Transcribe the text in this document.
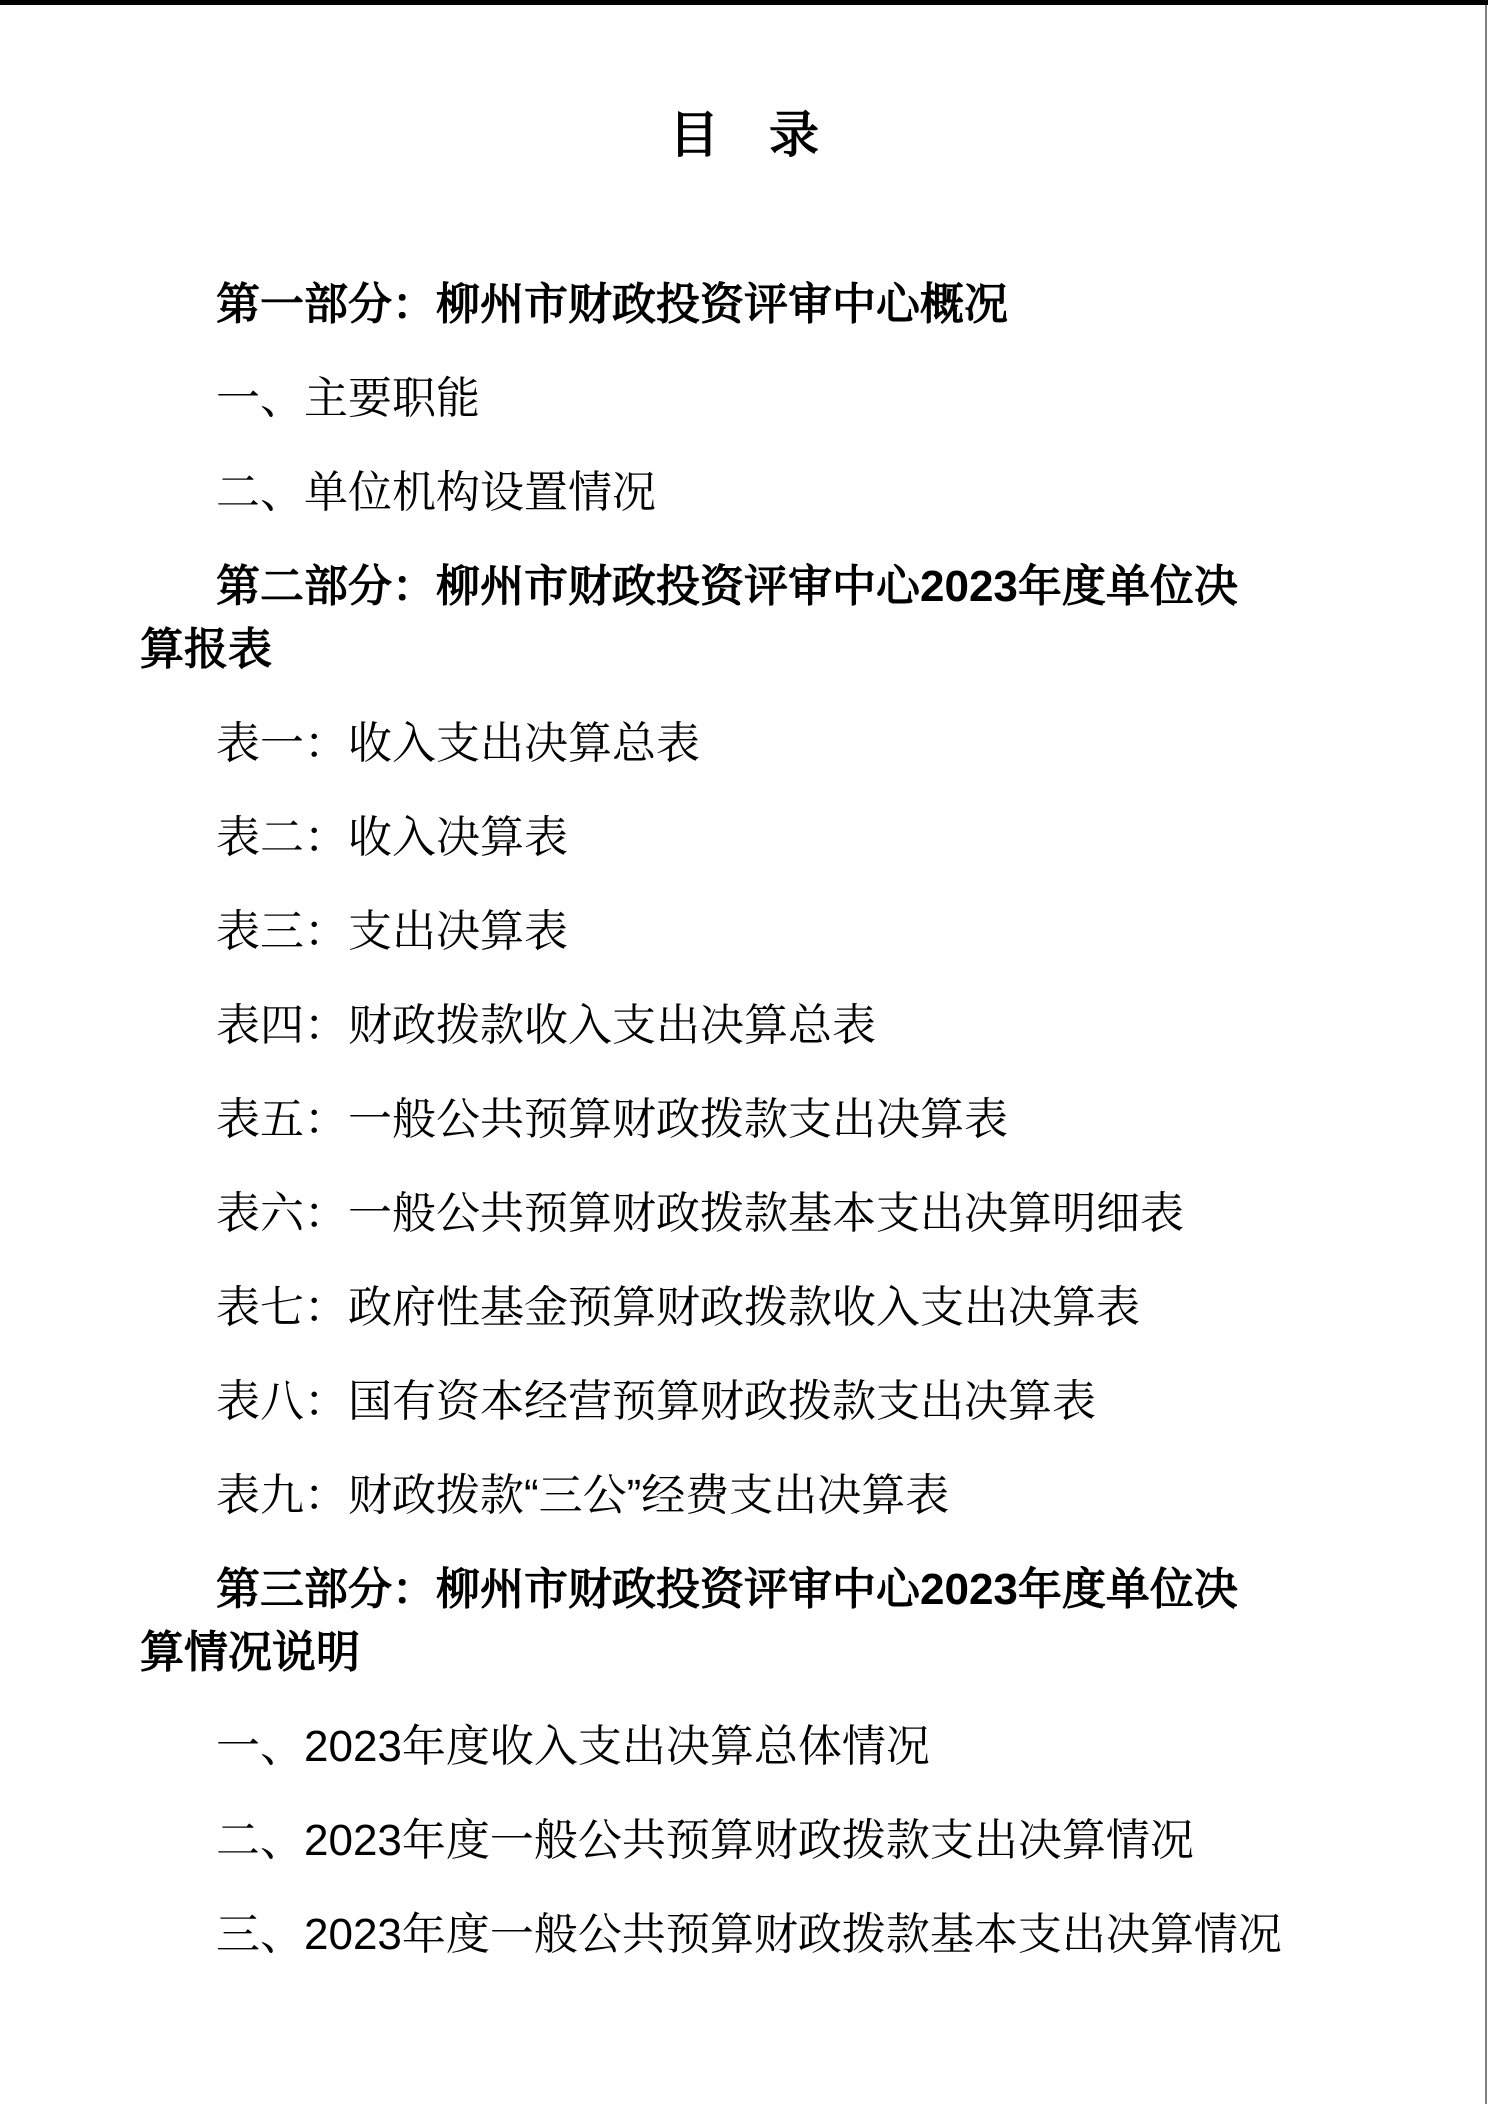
目　录

第一部分：柳州市财政投资评审中心概况

一、主要职能

二、单位机构设置情况

第二部分：柳州市财政投资评审中心2023年度单位决
算报表

表一：收入支出决算总表

表二：收入决算表

表三：支出决算表

表四：财政拨款收入支出决算总表

表五：一般公共预算财政拨款支出决算表

表六：一般公共预算财政拨款基本支出决算明细表

表七：政府性基金预算财政拨款收入支出决算表

表八：国有资本经营预算财政拨款支出决算表

表九：财政拨款“三公”经费支出决算表

第三部分：柳州市财政投资评审中心2023年度单位决
算情况说明

一、2023年度收入支出决算总体情况

二、2023年度一般公共预算财政拨款支出决算情况

三、2023年度一般公共预算财政拨款基本支出决算情况
